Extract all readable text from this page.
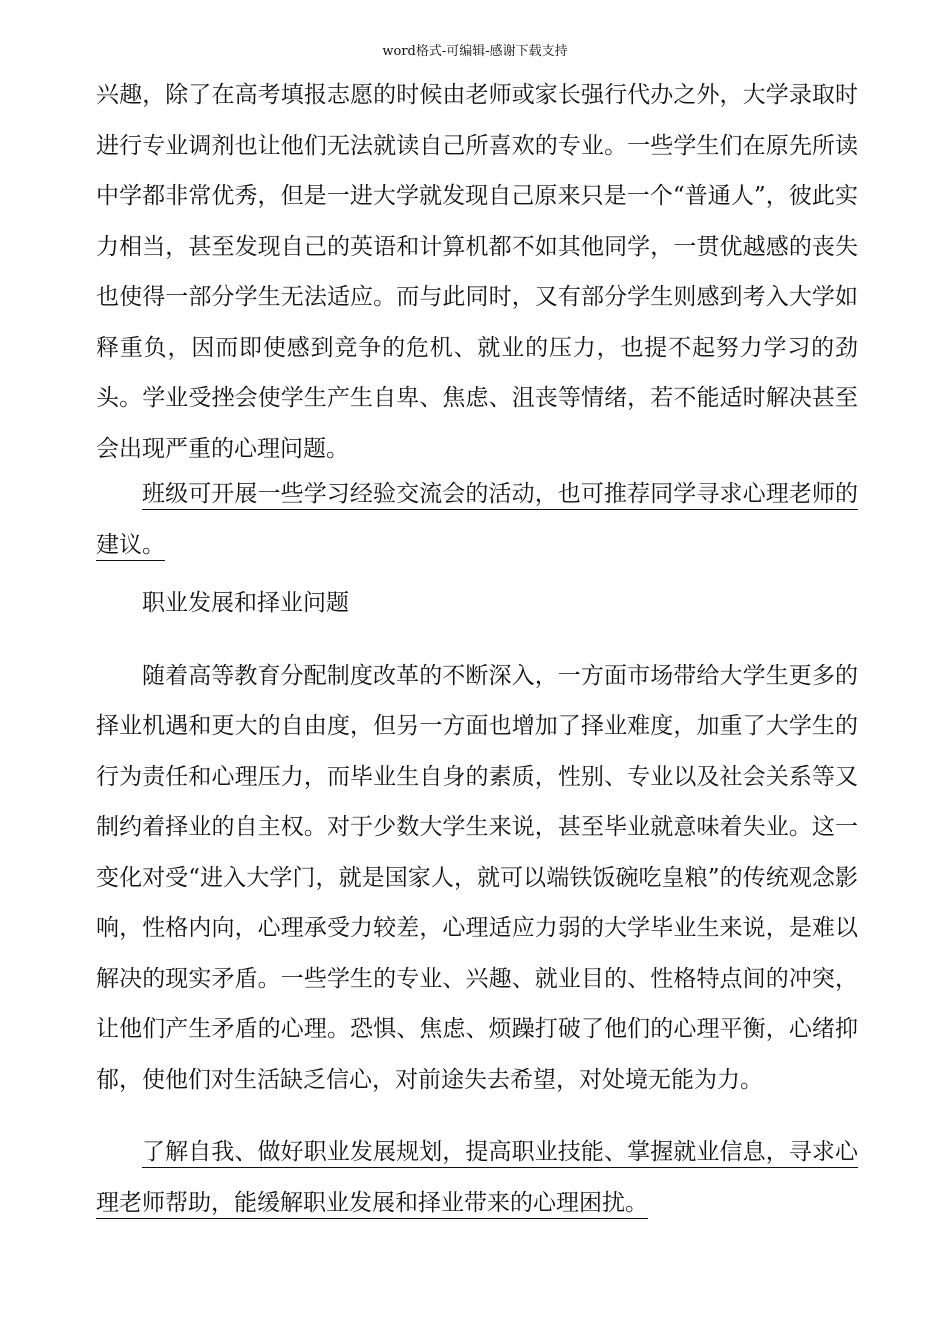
word格式-可编辑-感谢下载支持

兴趣，除了在高考填报志愿的时候由老师或家长强行代办之外，大学录取时进行专业调剂也让他们无法就读自己所喜欢的专业。一些学生们在原先所读中学都非常优秀，但是一进大学就发现自己原来只是一个“普通人”，彼此实力相当，甚至发现自己的英语和计算机都不如其他同学，一贯优越感的丧失也使得一部分学生无法适应。而与此同时，又有部分学生则感到考入大学如释重负，因而即使感到竞争的危机、就业的压力，也提不起努力学习的劲头。学业受挫会使学生产生自卑、焦虑、沮丧等情绪，若不能适时解决甚至会出现严重的心理问题。

班级可开展一些学习经验交流会的活动，也可推荐同学寻求心理老师的建议。

职业发展和择业问题

随着高等教育分配制度改革的不断深入，一方面市场带给大学生更多的择业机遇和更大的自由度，但另一方面也增加了择业难度，加重了大学生的行为责任和心理压力，而毕业生自身的素质，性别、专业以及社会关系等又制约着择业的自主权。对于少数大学生来说，甚至毕业就意味着失业。这一变化对受“进入大学门，就是国家人，就可以端铁饭碗吃皇粮”的传统观念影响，性格内向，心理承受力较差，心理适应力弱的大学毕业生来说，是难以解决的现实矛盾。一些学生的专业、兴趣、就业目的、性格特点间的冲突，让他们产生矛盾的心理。恐惧、焦虑、烦躁打破了他们的心理平衡，心绪抑郁，使他们对生活缺乏信心，对前途失去希望，对处境无能为力。

了解自我、做好职业发展规划，提高职业技能、掌握就业信息，寻求心理老师帮助，能缓解职业发展和择业带来的心理困扰。
